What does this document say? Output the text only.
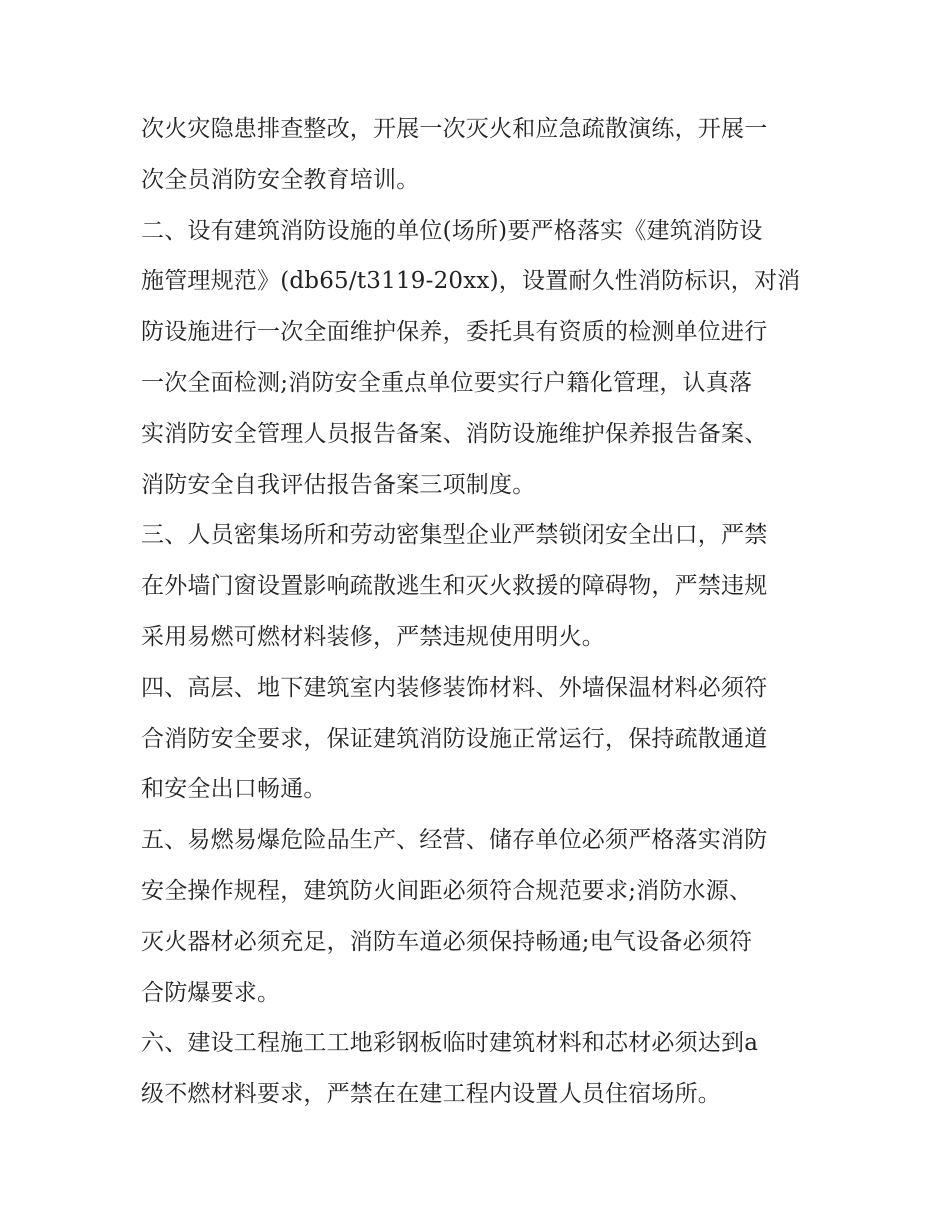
次火灾隐患排查整改，开展一次灭火和应急疏散演练，开展一
次全员消防安全教育培训。

二、设有建筑消防设施的单位(场所)要严格落实《建筑消防设
施管理规范》(db65/t3119-20xx)，设置耐久性消防标识，对消
防设施进行一次全面维护保养，委托具有资质的检测单位进行
一次全面检测;消防安全重点单位要实行户籍化管理，认真落
实消防安全管理人员报告备案、消防设施维护保养报告备案、
消防安全自我评估报告备案三项制度。

三、人员密集场所和劳动密集型企业严禁锁闭安全出口，严禁
在外墙门窗设置影响疏散逃生和灭火救援的障碍物，严禁违规
采用易燃可燃材料装修，严禁违规使用明火。

四、高层、地下建筑室内装修装饰材料、外墙保温材料必须符
合消防安全要求，保证建筑消防设施正常运行，保持疏散通道
和安全出口畅通。

五、易燃易爆危险品生产、经营、储存单位必须严格落实消防
安全操作规程，建筑防火间距必须符合规范要求;消防水源、
灭火器材必须充足，消防车道必须保持畅通;电气设备必须符
合防爆要求。

六、建设工程施工工地彩钢板临时建筑材料和芯材必须达到a
级不燃材料要求，严禁在在建工程内设置人员住宿场所。
